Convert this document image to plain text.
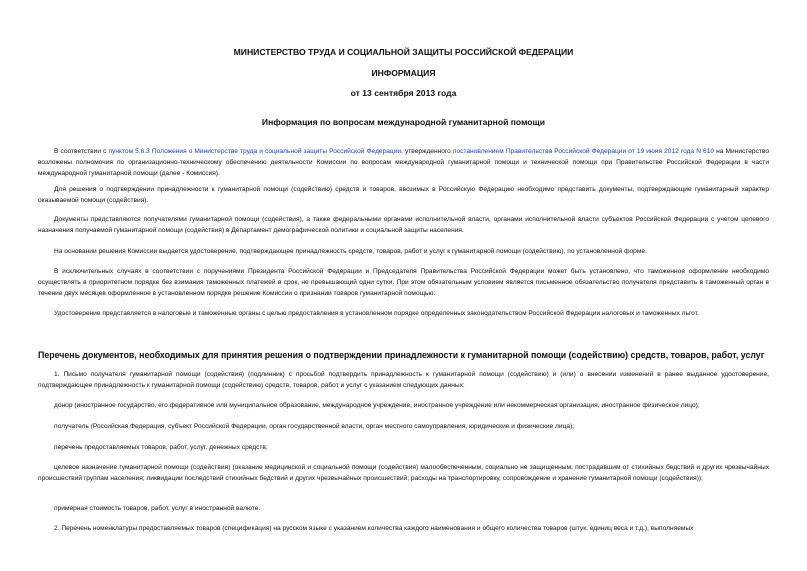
МИНИСТЕРСТВО ТРУДА И СОЦИАЛЬНОЙ ЗАЩИТЫ РОССИЙСКОЙ ФЕДЕРАЦИИ
ИНФОРМАЦИЯ
от 13 сентября 2013 года
Информация по вопросам международной гуманитарной помощи

В соответствии с пунктом 5.6.3 Положения о Министерстве труда и социальной защиты Российской Федерации, утвержденного постановлением Правительства Российской Федерации от 19 июня 2012 года N 610 на Министерство возложены полномочия по организационно-техническому обеспечению деятельности Комиссии по вопросам международной гуманитарной помощи и технической помощи при Правительстве Российской Федерации в части международной гуманитарной помощи (далее - Комиссия).

Для решения о подтверждении принадлежности к гуманитарной помощи (содействию) средств и товаров, ввозимых в Российскую Федерацию необходимо представить документы, подтверждающие гуманитарный характер оказываемой помощи (содействия).

Документы представляются получателями гуманитарной помощи (содействия), а также федеральными органами исполнительной власти, органами исполнительной власти субъектов Российской Федерации с учетом целевого назначения получаемой гуманитарной помощи (содействия) в Департамент демографической политики и социальной защиты населения.

На основании решения Комиссии выдается удостоверение, подтверждающее принадлежность средств, товаров, работ и услуг к гуманитарной помощи (содействию), по установленной форме.

В исключительных случаях в соответствии с поручениями Президента Российской Федерации и Председателя Правительства Российской Федерации может быть установлено, что таможенное оформление необходимо осуществлять в приоритетном порядке без взимания таможенных платежей в срок, не превышающий одни сутки. При этом обязательным условием является письменное обязательство получателя представить в таможенный орган в течение двух месяцев оформленное в установленном порядке решение Комиссии о признании товаров гуманитарной помощью.

Удостоверение представляется в налоговые и таможенные органы с целью предоставления в установленном порядке определенных законодательством Российской Федерации налоговых и таможенных льгот.

Перечень документов, необходимых для принятия решения о подтверждении принадлежности к гуманитарной помощи (содействию) средств, товаров, работ, услуг

1. Письмо получателя гуманитарной помощи (содействия) (подлинник) с просьбой подтвердить принадлежность к гуманитарной помощи (содействию) и (или) о внесении изменений в ранее выданное удостоверение, подтверждающее принадлежность к гуманитарной помощи (содействию) средств, товаров, работ и услуг с указанием следующих данных:

донор (иностранное государство, его федеративное или муниципальное образование, международное учреждение, иностранное учреждение или некоммерческая организация, иностранное физическое лицо);

получатель (Российская Федерация, субъект Российской Федерации, орган государственной власти, орган местного самоуправления, юридические и физические лица);

перечень предоставляемых товаров, работ, услуг, денежных средств;

целевое назначение гуманитарной помощи (содействия) (оказание медицинской и социальной помощи (содействия) малообеспеченным, социально не защищенным, пострадавшим от стихийных бедствий и других чрезвычайных происшествий группам населения; ликвидации последствий стихийных бедствий и других чрезвычайных происшествий; расходы на транспортировку, сопровождение и хранение гуманитарной помощи (содействия));

примерная стоимость товаров, работ, услуг в иностранной валюте.

2. Перечень номенклатуры предоставляемых товаров (спецификация) на русском языке с указанием количества каждого наименования и общего количества товаров (штук, единиц веса и т.д.), выполняемых
